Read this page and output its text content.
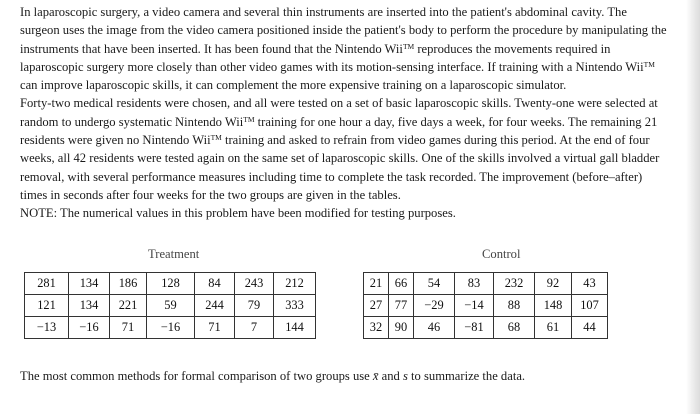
In laparoscopic surgery, a video camera and several thin instruments are inserted into the patient's abdominal cavity. The surgeon uses the image from the video camera positioned inside the patient's body to perform the procedure by manipulating the instruments that have been inserted. It has been found that the Nintendo Wii™ reproduces the movements required in laparoscopic surgery more closely than other video games with its motion-sensing interface. If training with a Nintendo Wii™ can improve laparoscopic skills, it can complement the more expensive training on a laparoscopic simulator.

Forty-two medical residents were chosen, and all were tested on a set of basic laparoscopic skills. Twenty-one were selected at random to undergo systematic Nintendo Wii™ training for one hour a day, five days a week, for four weeks. The remaining 21 residents were given no Nintendo Wii™ training and asked to refrain from video games during this period. At the end of four weeks, all 42 residents were tested again on the same set of laparoscopic skills. One of the skills involved a virtual gall bladder removal, with several performance measures including time to complete the task recorded. The improvement (before–after) times in seconds after four weeks for the two groups are given in the tables.

NOTE: The numerical values in this problem have been modified for testing purposes.

Treatment	Control
281	134	186	128	84	243	212
121	134	221	59	244	79	333
−13	−16	71	−16	71	7	144
21	66	54	83	232	92	43
27	77	−29	−14	88	148	107
32	90	46	−81	68	61	44

The most common methods for formal comparison of two groups use x̄ and s to summarize the data.
